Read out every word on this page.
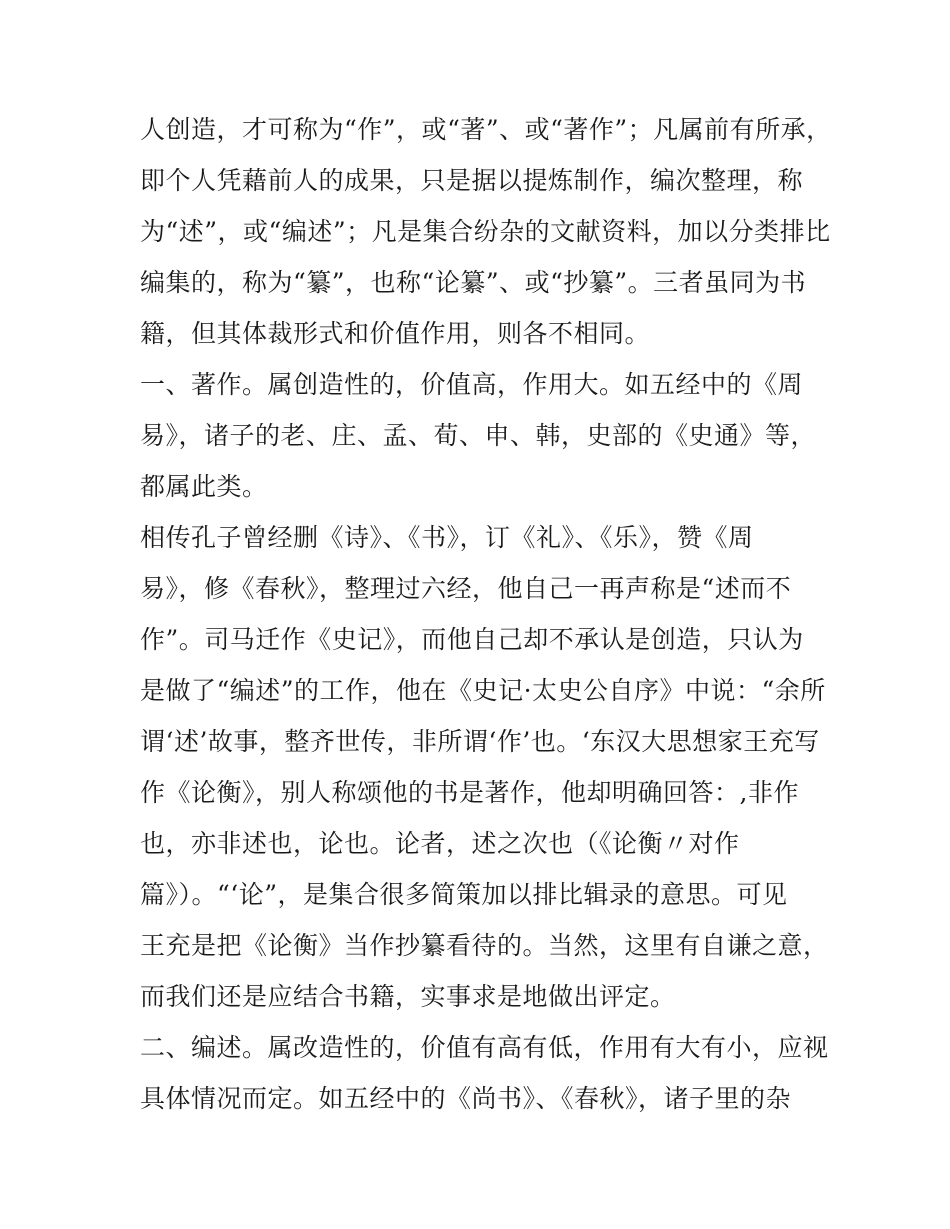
人创造，才可称为“作”，或“著”、或“著作”；凡属前有所承，
即个人凭藉前人的成果，只是据以提炼制作，编次整理，称
为“述”，或“编述”；凡是集合纷杂的文献资料，加以分类排比
编集的，称为“纂”，也称“论纂”、或“抄纂”。三者虽同为书
籍，但其体裁形式和价值作用，则各不相同。
一、著作。属创造性的，价值高，作用大。如五经中的《周
易》，诸子的老、庄、孟、荀、申、韩，史部的《史通》等，
都属此类。
相传孔子曾经删《诗》、《书》，订《礼》、《乐》，赞《周
易》，修《春秋》，整理过六经，他自己一再声称是“述而不
作”。司马迁作《史记》，而他自己却不承认是创造，只认为
是做了“编述”的工作，他在《史记·太史公自序》中说：“余所
谓‘述’故事，整齐世传，非所谓‘作’也。‘东汉大思想家王充写
作《论衡》，别人称颂他的书是著作，他却明确回答：,非作
也，亦非述也，论也。论者，述之次也（《论衡〃对作
篇》）。“‘论”，是集合很多简策加以排比辑录的意思。可见
王充是把《论衡》当作抄纂看待的。当然，这里有自谦之意，
而我们还是应结合书籍，实事求是地做出评定。
二、编述。属改造性的，价值有高有低，作用有大有小，应视
具体情况而定。如五经中的《尚书》、《春秋》，诸子里的杂
